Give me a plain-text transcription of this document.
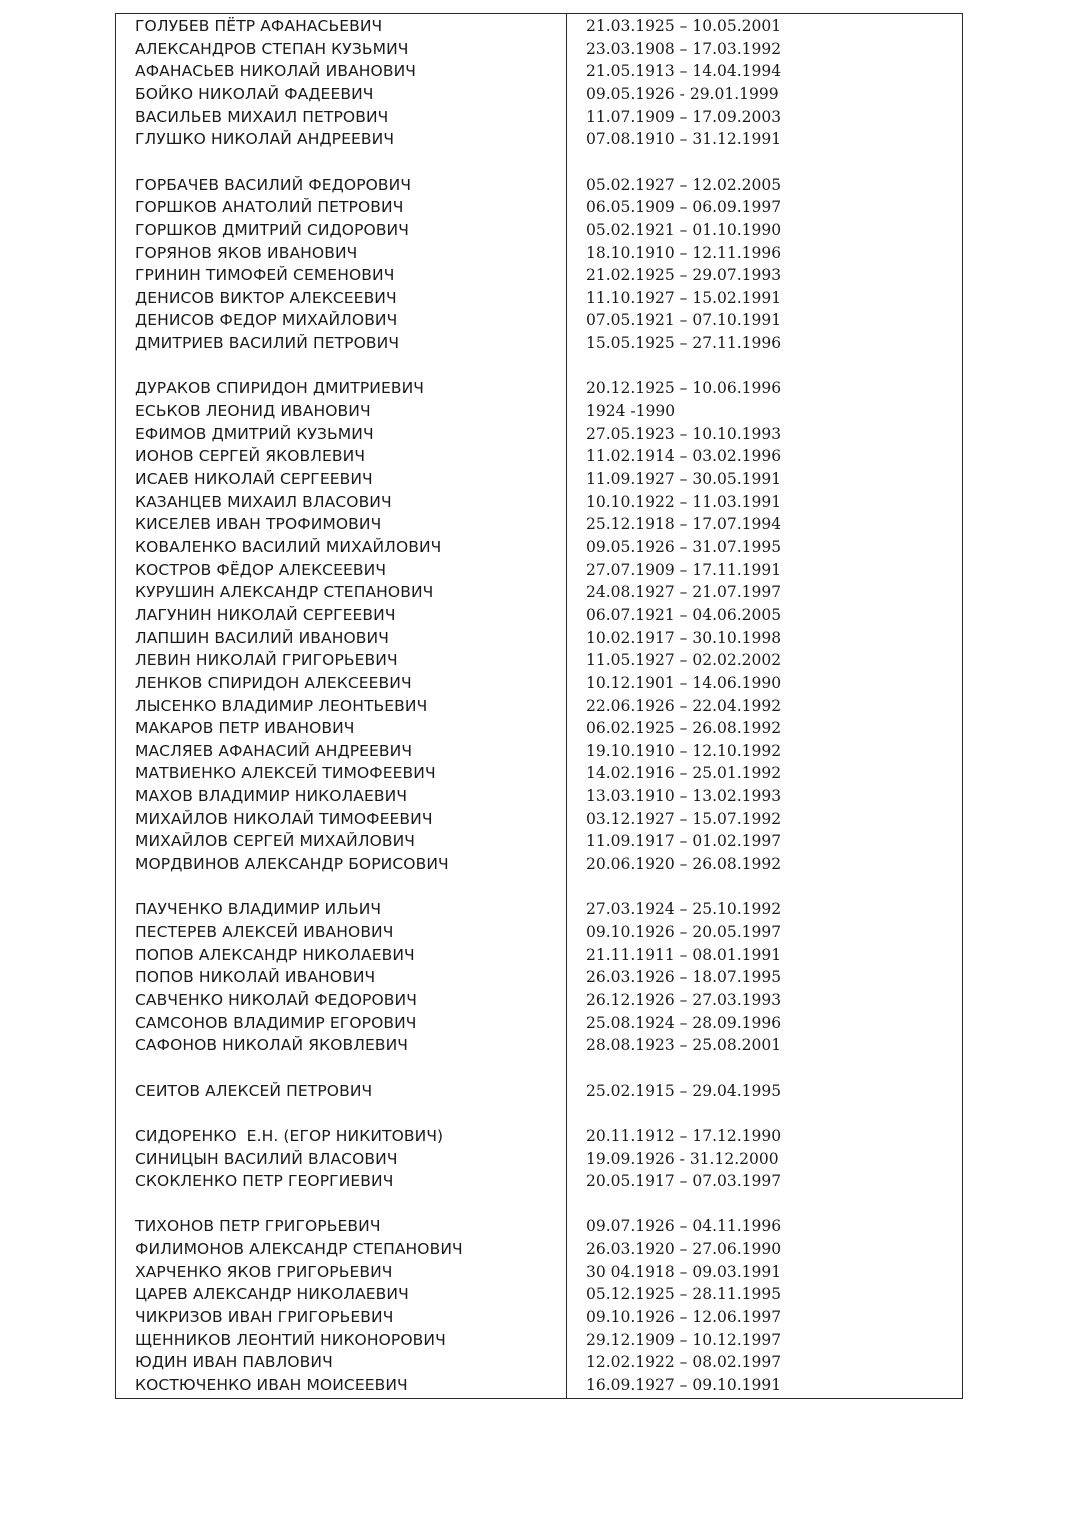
ГОЛУБЕВ ПЁТР АФАНАСЬЕВИЧ	21.03.1925 – 10.05.2001
АЛЕКСАНДРОВ СТЕПАН КУЗЬМИЧ	23.03.1908 – 17.03.1992
АФАНАСЬЕВ НИКОЛАЙ ИВАНОВИЧ	21.05.1913 – 14.04.1994
БОЙКО НИКОЛАЙ ФАДЕЕВИЧ	09.05.1926 - 29.01.1999
ВАСИЛЬЕВ МИХАИЛ ПЕТРОВИЧ	11.07.1909 – 17.09.2003
ГЛУШКО НИКОЛАЙ АНДРЕЕВИЧ	07.08.1910 – 31.12.1991
ГОРБАЧЕВ ВАСИЛИЙ ФЕДОРОВИЧ	05.02.1927 – 12.02.2005
ГОРШКОВ АНАТОЛИЙ ПЕТРОВИЧ	06.05.1909 – 06.09.1997
ГОРШКОВ ДМИТРИЙ СИДОРОВИЧ	05.02.1921 – 01.10.1990
ГОРЯНОВ ЯКОВ ИВАНОВИЧ	18.10.1910 – 12.11.1996
ГРИНИН ТИМОФЕЙ СЕМЕНОВИЧ	21.02.1925 – 29.07.1993
ДЕНИСОВ ВИКТОР АЛЕКСЕЕВИЧ	11.10.1927 – 15.02.1991
ДЕНИСОВ ФЕДОР МИХАЙЛОВИЧ	07.05.1921 – 07.10.1991
ДМИТРИЕВ ВАСИЛИЙ ПЕТРОВИЧ	15.05.1925 – 27.11.1996
ДУРАКОВ СПИРИДОН ДМИТРИЕВИЧ	20.12.1925 – 10.06.1996
ЕСЬКОВ ЛЕОНИД ИВАНОВИЧ	1924 -1990
ЕФИМОВ ДМИТРИЙ КУЗЬМИЧ	27.05.1923 – 10.10.1993
ИОНОВ СЕРГЕЙ ЯКОВЛЕВИЧ	11.02.1914 – 03.02.1996
ИСАЕВ НИКОЛАЙ СЕРГЕЕВИЧ	11.09.1927 – 30.05.1991
КАЗАНЦЕВ МИХАИЛ ВЛАСОВИЧ	10.10.1922 – 11.03.1991
КИСЕЛЕВ ИВАН ТРОФИМОВИЧ	25.12.1918 – 17.07.1994
КОВАЛЕНКО ВАСИЛИЙ МИХАЙЛОВИЧ	09.05.1926 – 31.07.1995
КОСТРОВ ФЁДОР АЛЕКСЕЕВИЧ	27.07.1909 – 17.11.1991
КУРУШИН АЛЕКСАНДР СТЕПАНОВИЧ	24.08.1927 – 21.07.1997
ЛАГУНИН НИКОЛАЙ СЕРГЕЕВИЧ	06.07.1921 – 04.06.2005
ЛАПШИН ВАСИЛИЙ ИВАНОВИЧ	10.02.1917 – 30.10.1998
ЛЕВИН НИКОЛАЙ ГРИГОРЬЕВИЧ	11.05.1927 – 02.02.2002
ЛЕНКОВ СПИРИДОН АЛЕКСЕЕВИЧ	10.12.1901 – 14.06.1990
ЛЫСЕНКО ВЛАДИМИР ЛЕОНТЬЕВИЧ	22.06.1926 – 22.04.1992
МАКАРОВ ПЕТР ИВАНОВИЧ	06.02.1925 – 26.08.1992
МАСЛЯЕВ АФАНАСИЙ АНДРЕЕВИЧ	19.10.1910 – 12.10.1992
МАТВИЕНКО АЛЕКСЕЙ ТИМОФЕЕВИЧ	14.02.1916 – 25.01.1992
МАХОВ ВЛАДИМИР НИКОЛАЕВИЧ	13.03.1910 – 13.02.1993
МИХАЙЛОВ НИКОЛАЙ ТИМОФЕЕВИЧ	03.12.1927 – 15.07.1992
МИХАЙЛОВ СЕРГЕЙ МИХАЙЛОВИЧ	11.09.1917 – 01.02.1997
МОРДВИНОВ АЛЕКСАНДР БОРИСОВИЧ	20.06.1920 – 26.08.1992
ПАУЧЕНКО ВЛАДИМИР ИЛЬИЧ	27.03.1924 – 25.10.1992
ПЕСТЕРЕВ АЛЕКСЕЙ ИВАНОВИЧ	09.10.1926 – 20.05.1997
ПОПОВ АЛЕКСАНДР НИКОЛАЕВИЧ	21.11.1911 – 08.01.1991
ПОПОВ НИКОЛАЙ ИВАНОВИЧ	26.03.1926 – 18.07.1995
САВЧЕНКО НИКОЛАЙ ФЕДОРОВИЧ	26.12.1926 – 27.03.1993
САМСОНОВ ВЛАДИМИР ЕГОРОВИЧ	25.08.1924 – 28.09.1996
САФОНОВ НИКОЛАЙ ЯКОВЛЕВИЧ	28.08.1923 – 25.08.2001
СЕИТОВ АЛЕКСЕЙ ПЕТРОВИЧ	25.02.1915 – 29.04.1995
СИДОРЕНКО  Е.Н. (ЕГОР НИКИТОВИЧ)	20.11.1912 – 17.12.1990
СИНИЦЫН ВАСИЛИЙ ВЛАСОВИЧ	19.09.1926 - 31.12.2000
СКОКЛЕНКО ПЕТР ГЕОРГИЕВИЧ	20.05.1917 – 07.03.1997
ТИХОНОВ ПЕТР ГРИГОРЬЕВИЧ	09.07.1926 – 04.11.1996
ФИЛИМОНОВ АЛЕКСАНДР СТЕПАНОВИЧ	26.03.1920 – 27.06.1990
ХАРЧЕНКО ЯКОВ ГРИГОРЬЕВИЧ	30 04.1918 – 09.03.1991
ЦАРЕВ АЛЕКСАНДР НИКОЛАЕВИЧ	05.12.1925 – 28.11.1995
ЧИКРИЗОВ ИВАН ГРИГОРЬЕВИЧ	09.10.1926 – 12.06.1997
ЩЕННИКОВ ЛЕОНТИЙ НИКОНОРОВИЧ	29.12.1909 – 10.12.1997
ЮДИН ИВАН ПАВЛОВИЧ	12.02.1922 – 08.02.1997
КОСТЮЧЕНКО ИВАН МОИСЕЕВИЧ	16.09.1927 – 09.10.1991
